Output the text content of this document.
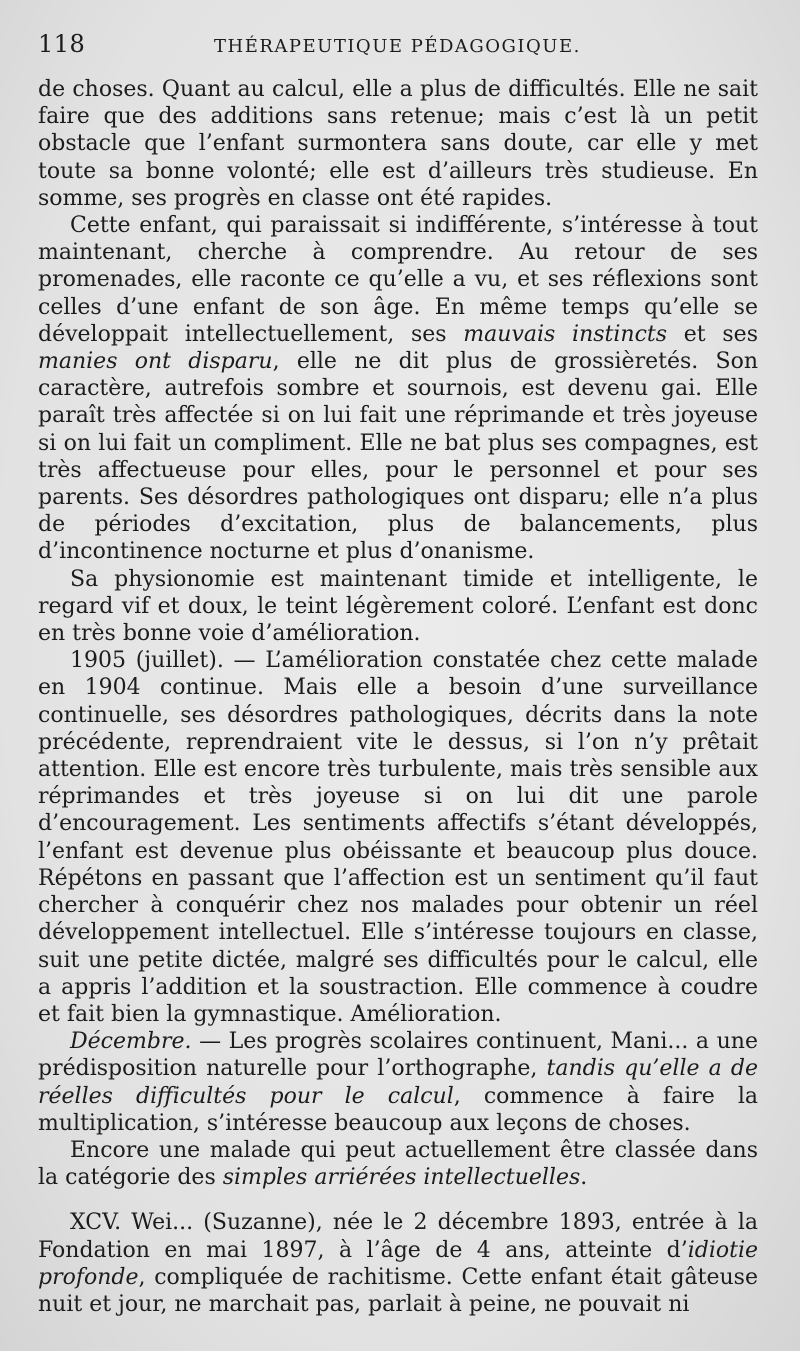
118	THÉRAPEUTIQUE PÉDAGOGIQUE.

de choses. Quant au calcul, elle a plus de difficultés. Elle ne sait faire que des additions sans retenue; mais c’est là un petit obstacle que l’enfant surmontera sans doute, car elle y met toute sa bonne volonté; elle est d’ailleurs très studieuse. En somme, ses progrès en classe ont été rapides.

Cette enfant, qui paraissait si indifférente, s’intéresse à tout maintenant, cherche à comprendre. Au retour de ses promenades, elle raconte ce qu’elle a vu, et ses réflexions sont celles d’une enfant de son âge. En même temps qu’elle se développait intellectuellement, ses mauvais instincts et ses manies ont disparu, elle ne dit plus de grossièretés. Son caractère, autrefois sombre et sournois, est devenu gai. Elle paraît très affectée si on lui fait une réprimande et très joyeuse si on lui fait un compliment. Elle ne bat plus ses compagnes, est très affectueuse pour elles, pour le personnel et pour ses parents. Ses désordres pathologiques ont disparu; elle n’a plus de périodes d’excitation, plus de balancements, plus d’incontinence nocturne et plus d’onanisme.

Sa physionomie est maintenant timide et intelligente, le regard vif et doux, le teint légèrement coloré. L’enfant est donc en très bonne voie d’amélioration.

1905 (juillet). — L’amélioration constatée chez cette malade en 1904 continue. Mais elle a besoin d’une surveillance continuelle, ses désordres pathologiques, décrits dans la note précédente, reprendraient vite le dessus, si l’on n’y prêtait attention. Elle est encore très turbulente, mais très sensible aux réprimandes et très joyeuse si on lui dit une parole d’encouragement. Les sentiments affectifs s’étant développés, l’enfant est devenue plus obéissante et beaucoup plus douce. Répétons en passant que l’affection est un sentiment qu’il faut chercher à conquérir chez nos malades pour obtenir un réel développement intellectuel. Elle s’intéresse toujours en classe, suit une petite dictée, malgré ses difficultés pour le calcul, elle a appris l’addition et la soustraction. Elle commence à coudre et fait bien la gymnastique. Amélioration.

Décembre. — Les progrès scolaires continuent, Mani... a une prédisposition naturelle pour l’orthographe, tandis qu’elle a de réelles difficultés pour le calcul, commence à faire la multiplication, s’intéresse beaucoup aux leçons de choses.

Encore une malade qui peut actuellement être classée dans la catégorie des simples arriérées intellectuelles.

XCV. Wei... (Suzanne), née le 2 décembre 1893, entrée à la Fondation en mai 1897, à l’âge de 4 ans, atteinte d’idiotie profonde, compliquée de rachitisme. Cette enfant était gâteuse nuit et jour, ne marchait pas, parlait à peine, ne pouvait ni
